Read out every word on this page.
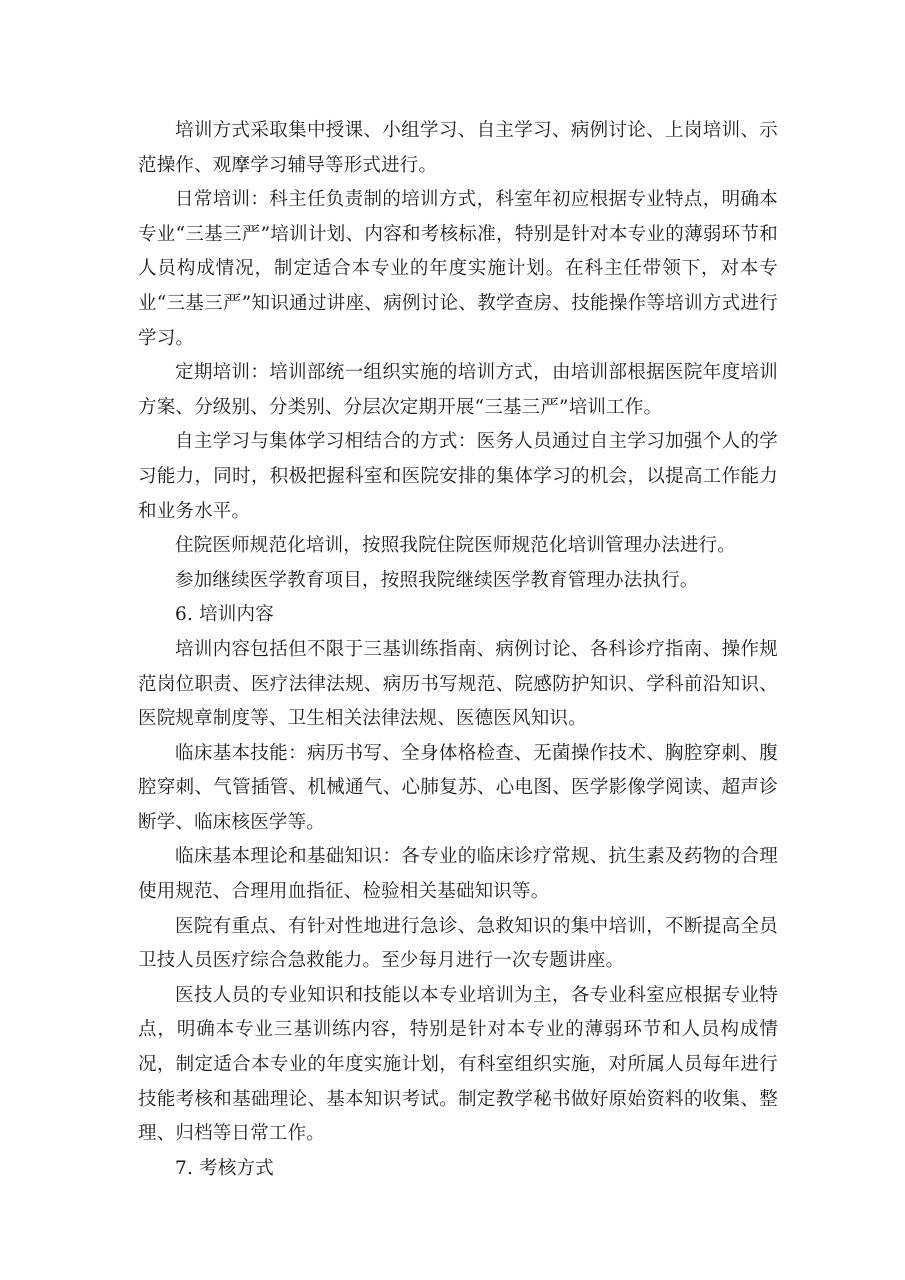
培训方式采取集中授课、小组学习、自主学习、病例讨论、上岗培训、示范操作、观摩学习辅导等形式进行。

日常培训：科主任负责制的培训方式，科室年初应根据专业特点，明确本专业“三基三严”培训计划、内容和考核标准，特别是针对本专业的薄弱环节和人员构成情况，制定适合本专业的年度实施计划。在科主任带领下，对本专业“三基三严”知识通过讲座、病例讨论、教学查房、技能操作等培训方式进行学习。

定期培训：培训部统一组织实施的培训方式，由培训部根据医院年度培训方案、分级别、分类别、分层次定期开展“三基三严”培训工作。

自主学习与集体学习相结合的方式：医务人员通过自主学习加强个人的学习能力，同时，积极把握科室和医院安排的集体学习的机会，以提高工作能力和业务水平。

住院医师规范化培训，按照我院住院医师规范化培训管理办法进行。

参加继续医学教育项目，按照我院继续医学教育管理办法执行。

6. 培训内容

培训内容包括但不限于三基训练指南、病例讨论、各科诊疗指南、操作规范岗位职责、医疗法律法规、病历书写规范、院感防护知识、学科前沿知识、医院规章制度等、卫生相关法律法规、医德医风知识。

临床基本技能：病历书写、全身体格检查、无菌操作技术、胸腔穿刺、腹腔穿刺、气管插管、机械通气、心肺复苏、心电图、医学影像学阅读、超声诊断学、临床核医学等。

临床基本理论和基础知识：各专业的临床诊疗常规、抗生素及药物的合理使用规范、合理用血指征、检验相关基础知识等。

医院有重点、有针对性地进行急诊、急救知识的集中培训，不断提高全员卫技人员医疗综合急救能力。至少每月进行一次专题讲座。

医技人员的专业知识和技能以本专业培训为主，各专业科室应根据专业特点，明确本专业三基训练内容，特别是针对本专业的薄弱环节和人员构成情况，制定适合本专业的年度实施计划，有科室组织实施，对所属人员每年进行技能考核和基础理论、基本知识考试。制定教学秘书做好原始资料的收集、整理、归档等日常工作。

7. 考核方式
